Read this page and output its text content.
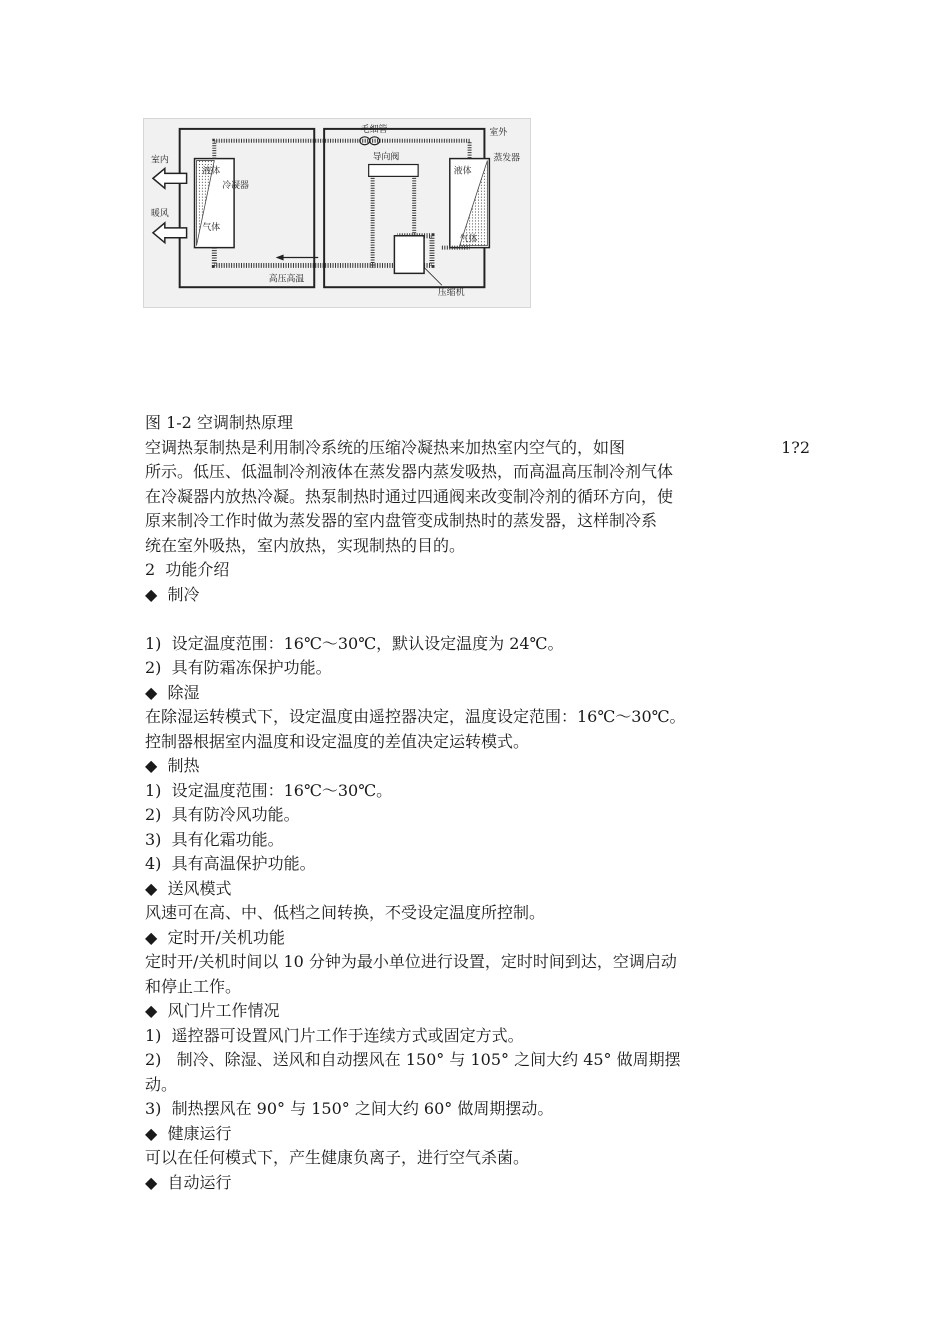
室内
暖风
室外
蒸发器
毛细管
导向阀
液体
冷凝器
气体
液体
气体
高压高温
压缩机
图 1-2 空调制热原理
空调热泵制热是利用制冷系统的压缩冷凝热来加热室内空气的，如图	1?2
所示。低压、低温制冷剂液体在蒸发器内蒸发吸热，而高温高压制冷剂气体
在冷凝器内放热冷凝。热泵制热时通过四通阀来改变制冷剂的循环方向，使
原来制冷工作时做为蒸发器的室内盘管变成制热时的蒸发器，这样制冷系
统在室外吸热，室内放热，实现制热的目的。
2  功能介绍
◆  制冷
1)  设定温度范围：16℃～30℃，默认设定温度为 24℃。
2)  具有防霜冻保护功能。
◆  除湿
在除湿运转模式下，设定温度由遥控器决定，温度设定范围：16℃～30℃。
控制器根据室内温度和设定温度的差值决定运转模式。
◆  制热
1)  设定温度范围：16℃～30℃。
2)  具有防冷风功能。
3)  具有化霜功能。
4)  具有高温保护功能。
◆  送风模式
风速可在高、中、低档之间转换，不受设定温度所控制。
◆  定时开/关机功能
定时开/关机时间以 10 分钟为最小单位进行设置，定时时间到达，空调启动
和停止工作。
◆  风门片工作情况
1)  遥控器可设置风门片工作于连续方式或固定方式。
2)   制冷、除湿、送风和自动摆风在 150° 与 105° 之间大约 45° 做周期摆
动。
3)  制热摆风在 90° 与 150° 之间大约 60° 做周期摆动。
◆  健康运行
可以在任何模式下，产生健康负离子，进行空气杀菌。
◆  自动运行
